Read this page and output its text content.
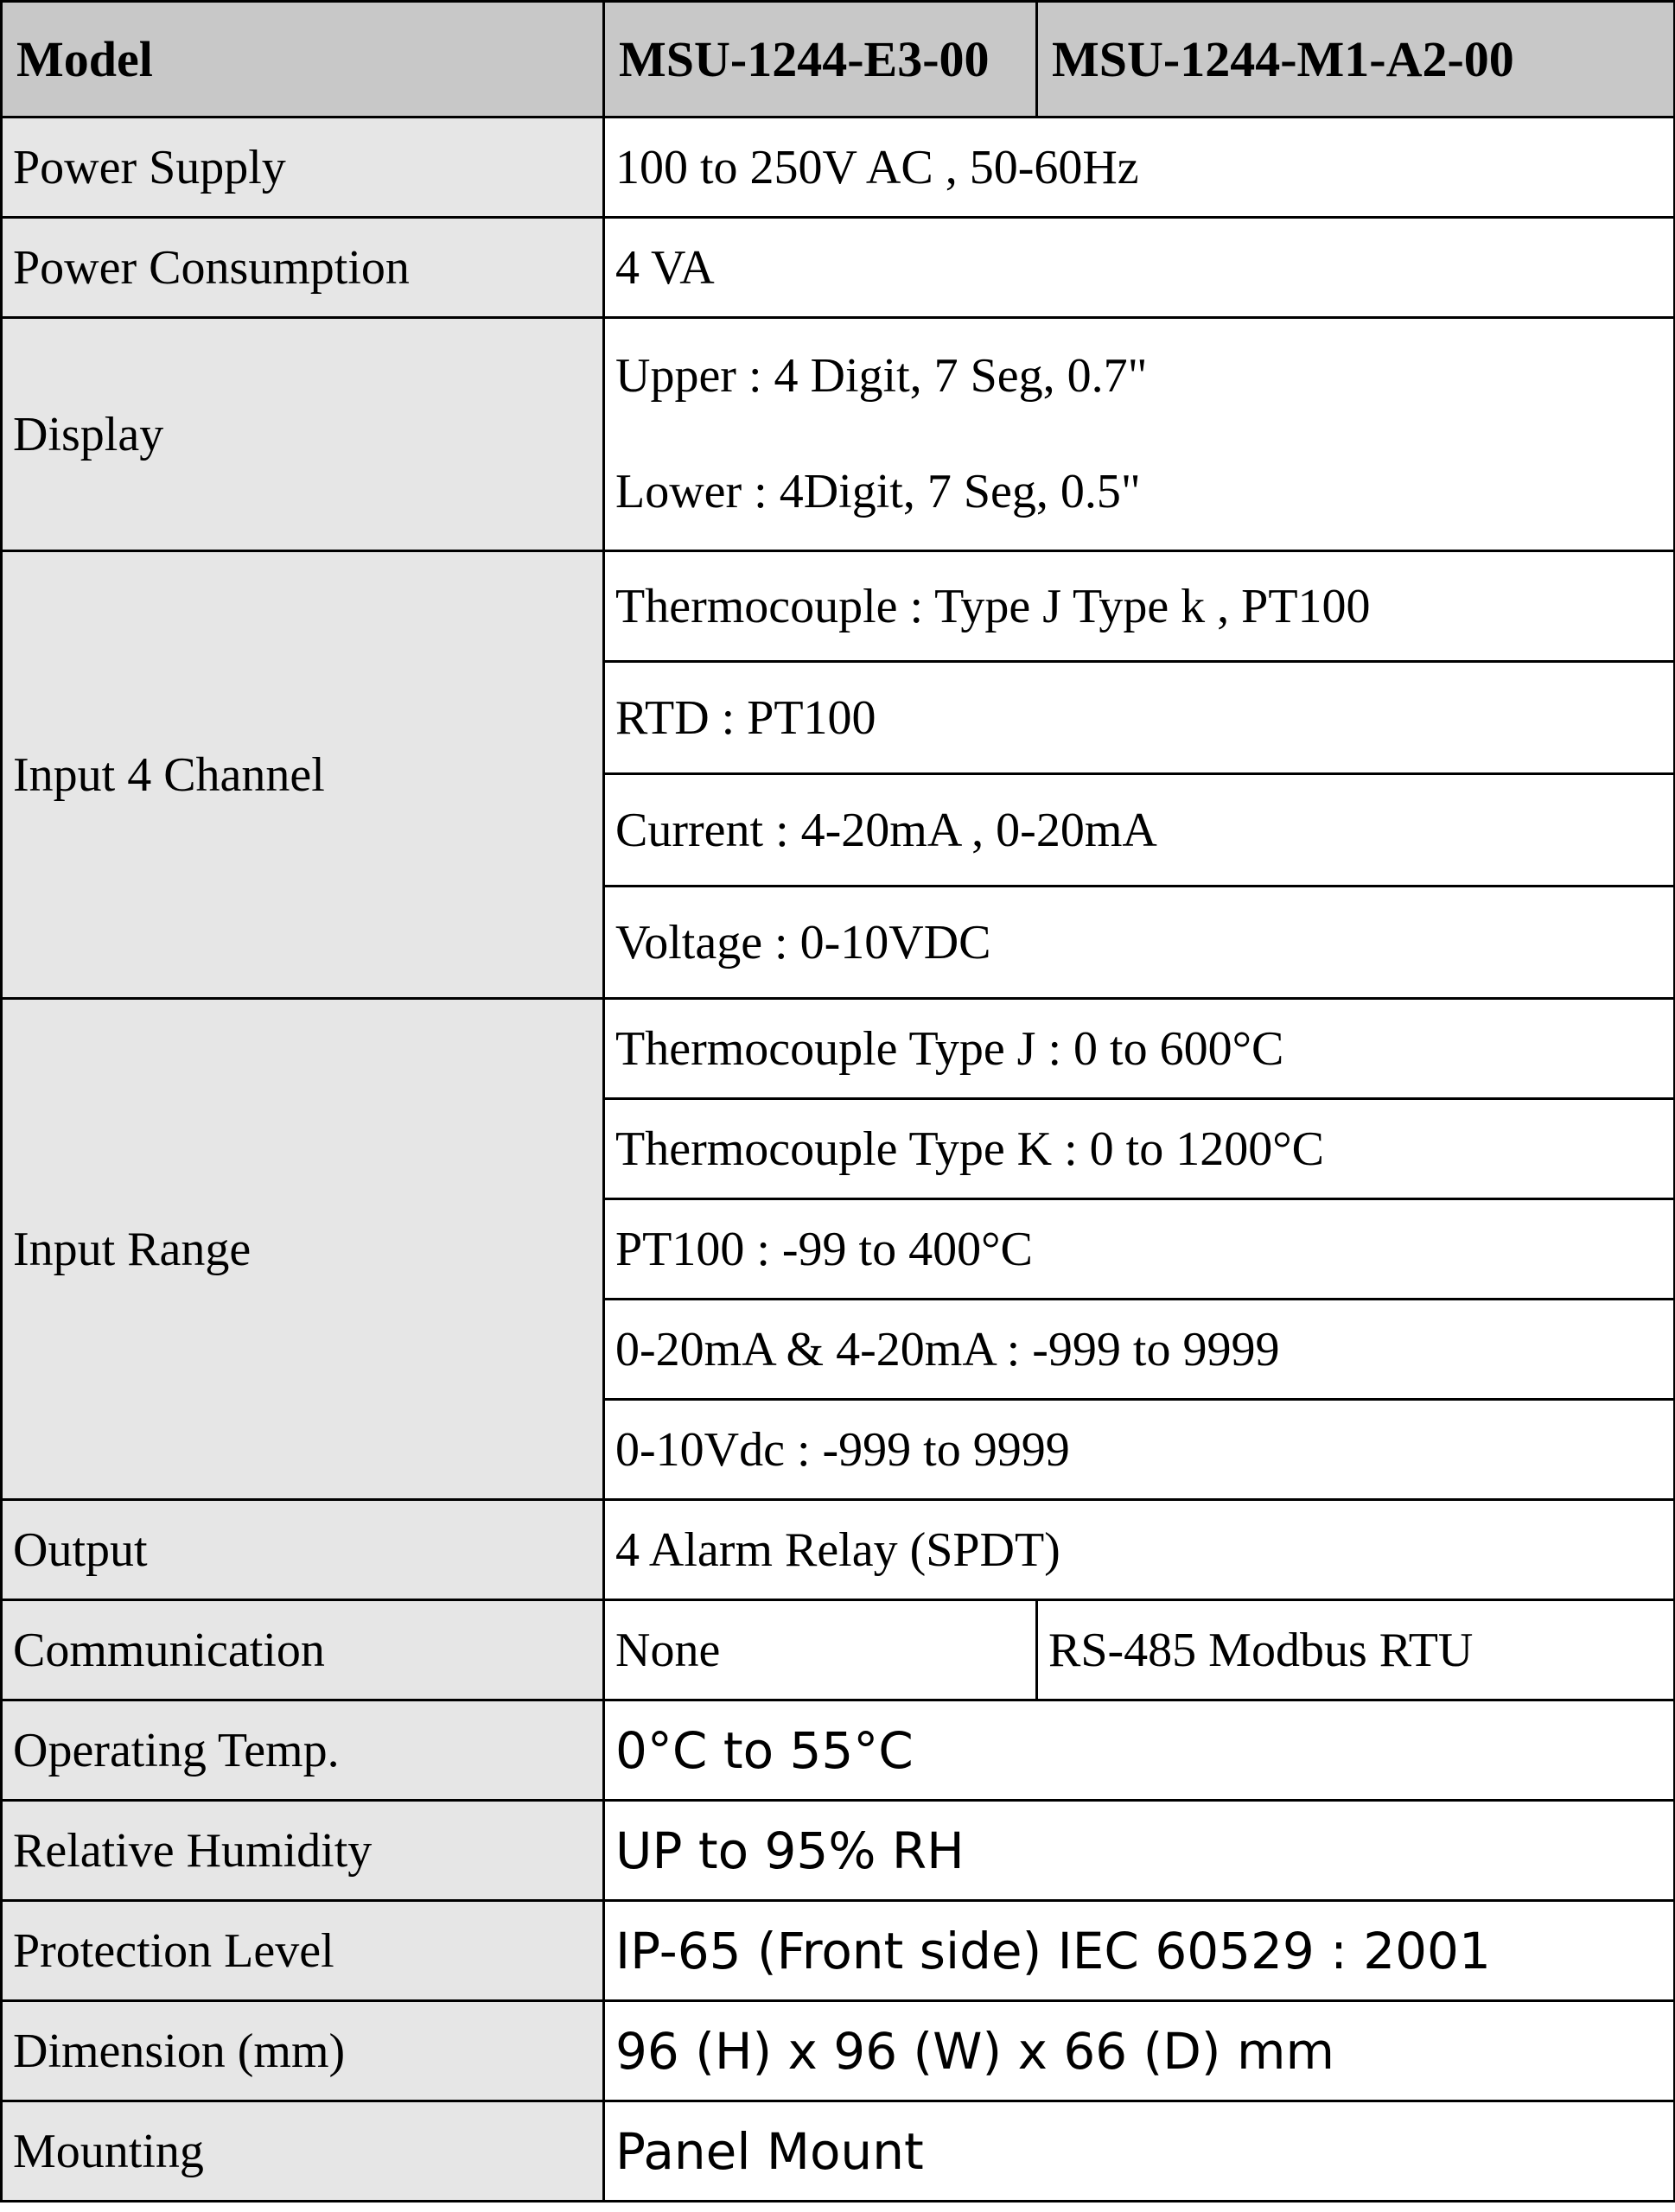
Model	MSU-1244-E3-00	MSU-1244-M1-A2-00
Power Supply	100 to 250V AC , 50-60Hz	
Power Consumption	4 VA	
Display	Upper : 4 Digit, 7 Seg, 0.7"	
	Lower : 4Digit, 7 Seg, 0.5"	
Input 4 Channel	Thermocouple : Type J Type k , PT100	
	RTD : PT100	
	Current : 4-20mA , 0-20mA	
	Voltage : 0-10VDC	
Input Range	Thermocouple Type J : 0 to 600°C	
	Thermocouple Type K : 0 to 1200°C	
	PT100 : -99 to 400°C	
	0-20mA & 4-20mA : -999 to 9999	
	0-10Vdc : -999 to 9999	
Output	4 Alarm Relay (SPDT)	
Communication	None	RS-485 Modbus RTU
Operating Temp.	0°C to 55°C	
Relative Humidity	UP to 95% RH	
Protection Level	IP-65 (Front side) IEC 60529 : 2001	
Dimension (mm)	96 (H) x 96 (W) x 66 (D) mm	
Mounting	Panel Mount	
